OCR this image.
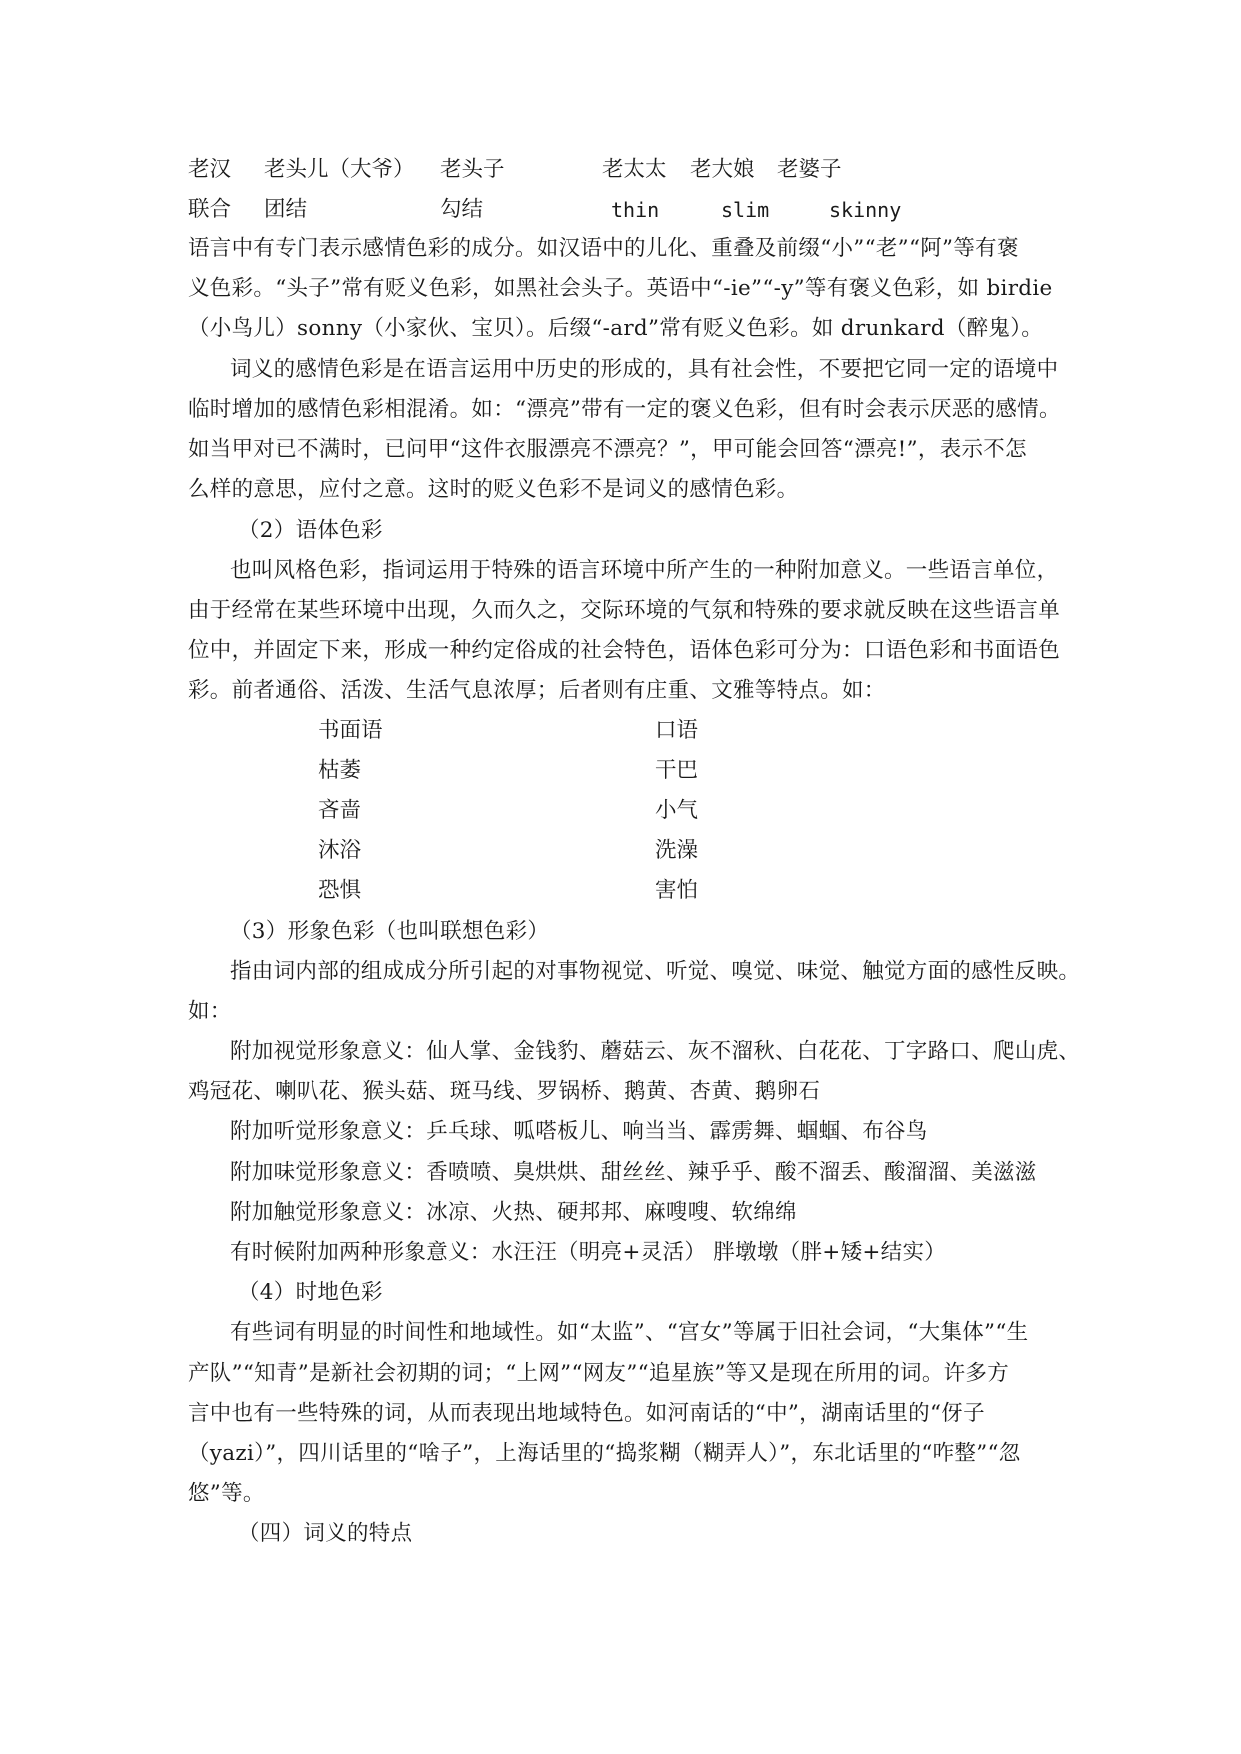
老汉 老头儿（大爷） 老头子	老太太 老大娘 老婆子
联合 团结	勾结	thin	slim	skinny
语言中有专门表示感情色彩的成分。如汉语中的儿化、重叠及前缀“小”“老”“阿”等有褒
义色彩。“头子”常有贬义色彩，如黑社会头子。英语中“-ie”“-y”等有褒义色彩，如 birdie
（小鸟儿）sonny（小家伙、宝贝）。后缀“-ard”常有贬义色彩。如 drunkard（醉鬼）。
词义的感情色彩是在语言运用中历史的形成的，具有社会性，不要把它同一定的语境中
临时增加的感情色彩相混淆。如：“漂亮”带有一定的褒义色彩，但有时会表示厌恶的感情。
如当甲对已不满时，已问甲“这件衣服漂亮不漂亮？”，甲可能会回答“漂亮!”，表示不怎
么样的意思，应付之意。这时的贬义色彩不是词义的感情色彩。
（2）语体色彩
也叫风格色彩，指词运用于特殊的语言环境中所产生的一种附加意义。一些语言单位，
由于经常在某些环境中出现，久而久之，交际环境的气氛和特殊的要求就反映在这些语言单
位中，并固定下来，形成一种约定俗成的社会特色，语体色彩可分为：口语色彩和书面语色
彩。前者通俗、活泼、生活气息浓厚；后者则有庄重、文雅等特点。如：
书面语	口语
枯萎	干巴
吝啬	小气
沐浴	洗澡
恐惧	害怕
（3）形象色彩（也叫联想色彩）
指由词内部的组成成分所引起的对事物视觉、听觉、嗅觉、味觉、触觉方面的感性反映。
如：
附加视觉形象意义：仙人掌、金钱豹、蘑菇云、灰不溜秋、白花花、丁字路口、爬山虎、
鸡冠花、喇叭花、猴头菇、斑马线、罗锅桥、鹅黄、杏黄、鹅卵石
附加听觉形象意义：乒乓球、呱嗒板儿、响当当、霹雳舞、蝈蝈、布谷鸟
附加味觉形象意义：香喷喷、臭烘烘、甜丝丝、辣乎乎、酸不溜丢、酸溜溜、美滋滋
附加触觉形象意义：冰凉、火热、硬邦邦、麻嗖嗖、软绵绵
有时候附加两种形象意义：水汪汪（明亮+灵活） 胖墩墩（胖+矮+结实）
（4）时地色彩
有些词有明显的时间性和地域性。如“太监”、“宫女”等属于旧社会词，“大集体”“生
产队”“知青”是新社会初期的词；“上网”“网友”“追星族”等又是现在所用的词。许多方
言中也有一些特殊的词，从而表现出地域特色。如河南话的“中”，湖南话里的“伢子
（yazi）”，四川话里的“啥子”，上海话里的“捣浆糊（糊弄人）”，东北话里的“咋整”“忽
悠”等。
（四）词义的特点
